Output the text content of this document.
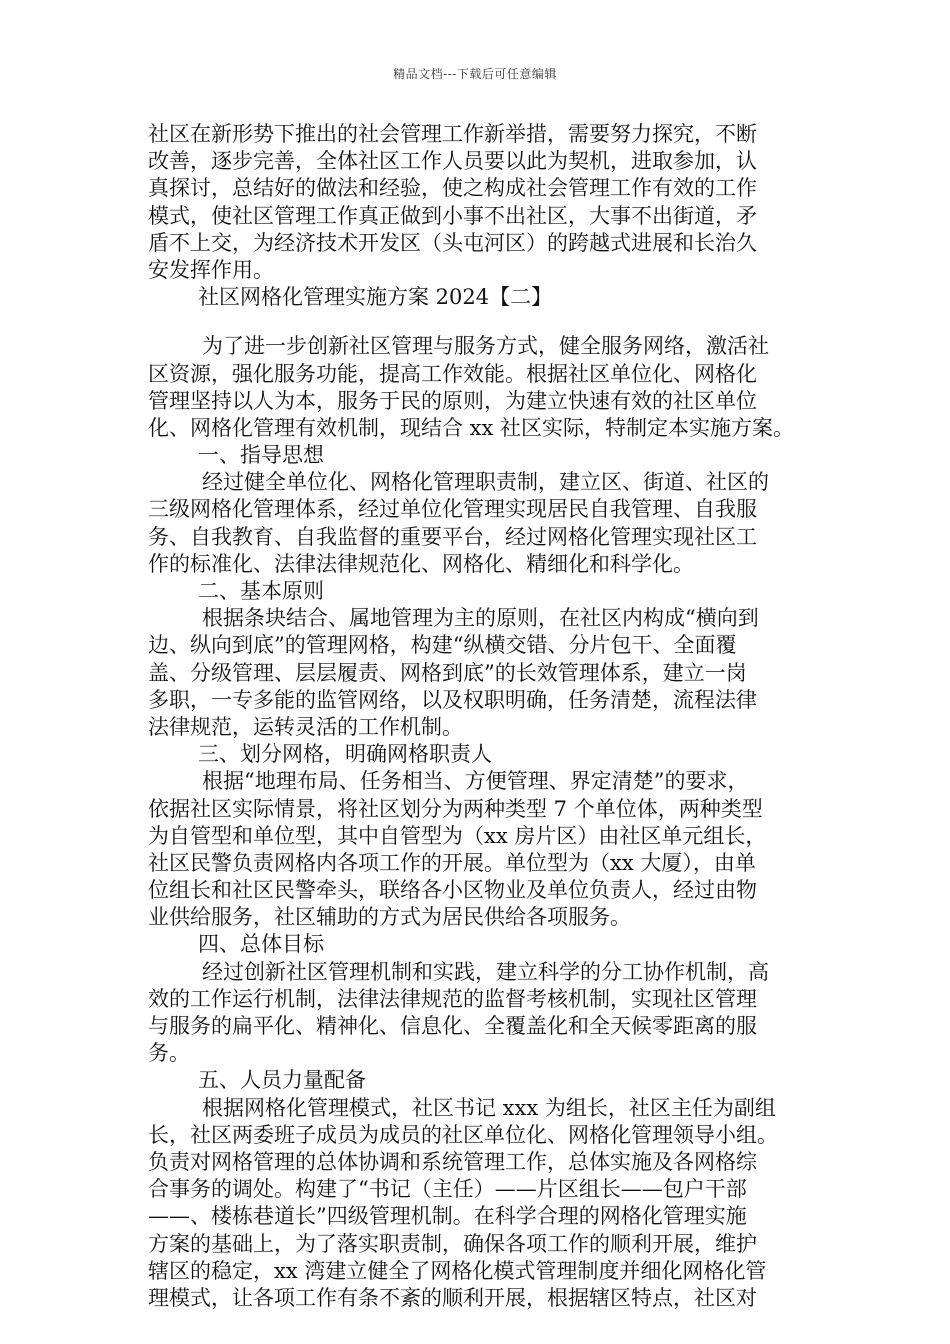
精品文档---下载后可任意编辑
社区在新形势下推出的社会管理工作新举措，需要努力探究，不断
改善，逐步完善，全体社区工作人员要以此为契机，进取参加，认
真探讨，总结好的做法和经验，使之构成社会管理工作有效的工作
模式，使社区管理工作真正做到小事不出社区，大事不出街道，矛
盾不上交，为经济技术开发区（头屯河区）的跨越式进展和长治久
安发挥作用。
社区网格化管理实施方案 2024【二】
为了进一步创新社区管理与服务方式，健全服务网络，激活社
区资源，强化服务功能，提高工作效能。根据社区单位化、网格化
管理坚持以人为本，服务于民的原则，为建立快速有效的社区单位
化、网格化管理有效机制，现结合 xx 社区实际，特制定本实施方案。
一、指导思想
经过健全单位化、网格化管理职责制，建立区、街道、社区的
三级网格化管理体系，经过单位化管理实现居民自我管理、自我服
务、自我教育、自我监督的重要平台，经过网格化管理实现社区工
作的标准化、法律法律规范化、网格化、精细化和科学化。
二、基本原则
根据条块结合、属地管理为主的原则，在社区内构成“横向到
边、纵向到底”的管理网格，构建“纵横交错、分片包干、全面覆
盖、分级管理、层层履责、网格到底”的长效管理体系，建立一岗
多职，一专多能的监管网络，以及权职明确，任务清楚，流程法律
法律规范，运转灵活的工作机制。
三、划分网格，明确网格职责人
根据“地理布局、任务相当、方便管理、界定清楚”的要求，
依据社区实际情景，将社区划分为两种类型 7 个单位体，两种类型
为自管型和单位型，其中自管型为（xx 房片区）由社区单元组长，
社区民警负责网格内各项工作的开展。单位型为（xx 大厦），由单
位组长和社区民警牵头，联络各小区物业及单位负责人，经过由物
业供给服务，社区辅助的方式为居民供给各项服务。
四、总体目标
经过创新社区管理机制和实践，建立科学的分工协作机制，高
效的工作运行机制，法律法律规范的监督考核机制，实现社区管理
与服务的扁平化、精神化、信息化、全覆盖化和全天候零距离的服
务。
五、人员力量配备
根据网格化管理模式，社区书记 xxx 为组长，社区主任为副组
长，社区两委班子成员为成员的社区单位化、网格化管理领导小组。
负责对网格管理的总体协调和系统管理工作，总体实施及各网格综
合事务的调处。构建了“书记（主任）——片区组长——包户干部
——、楼栋巷道长”四级管理机制。在科学合理的网格化管理实施
方案的基础上，为了落实职责制，确保各项工作的顺利开展，维护
辖区的稳定，xx 湾建立健全了网格化模式管理制度并细化网格化管
理模式，让各项工作有条不紊的顺利开展，根据辖区特点，社区对
